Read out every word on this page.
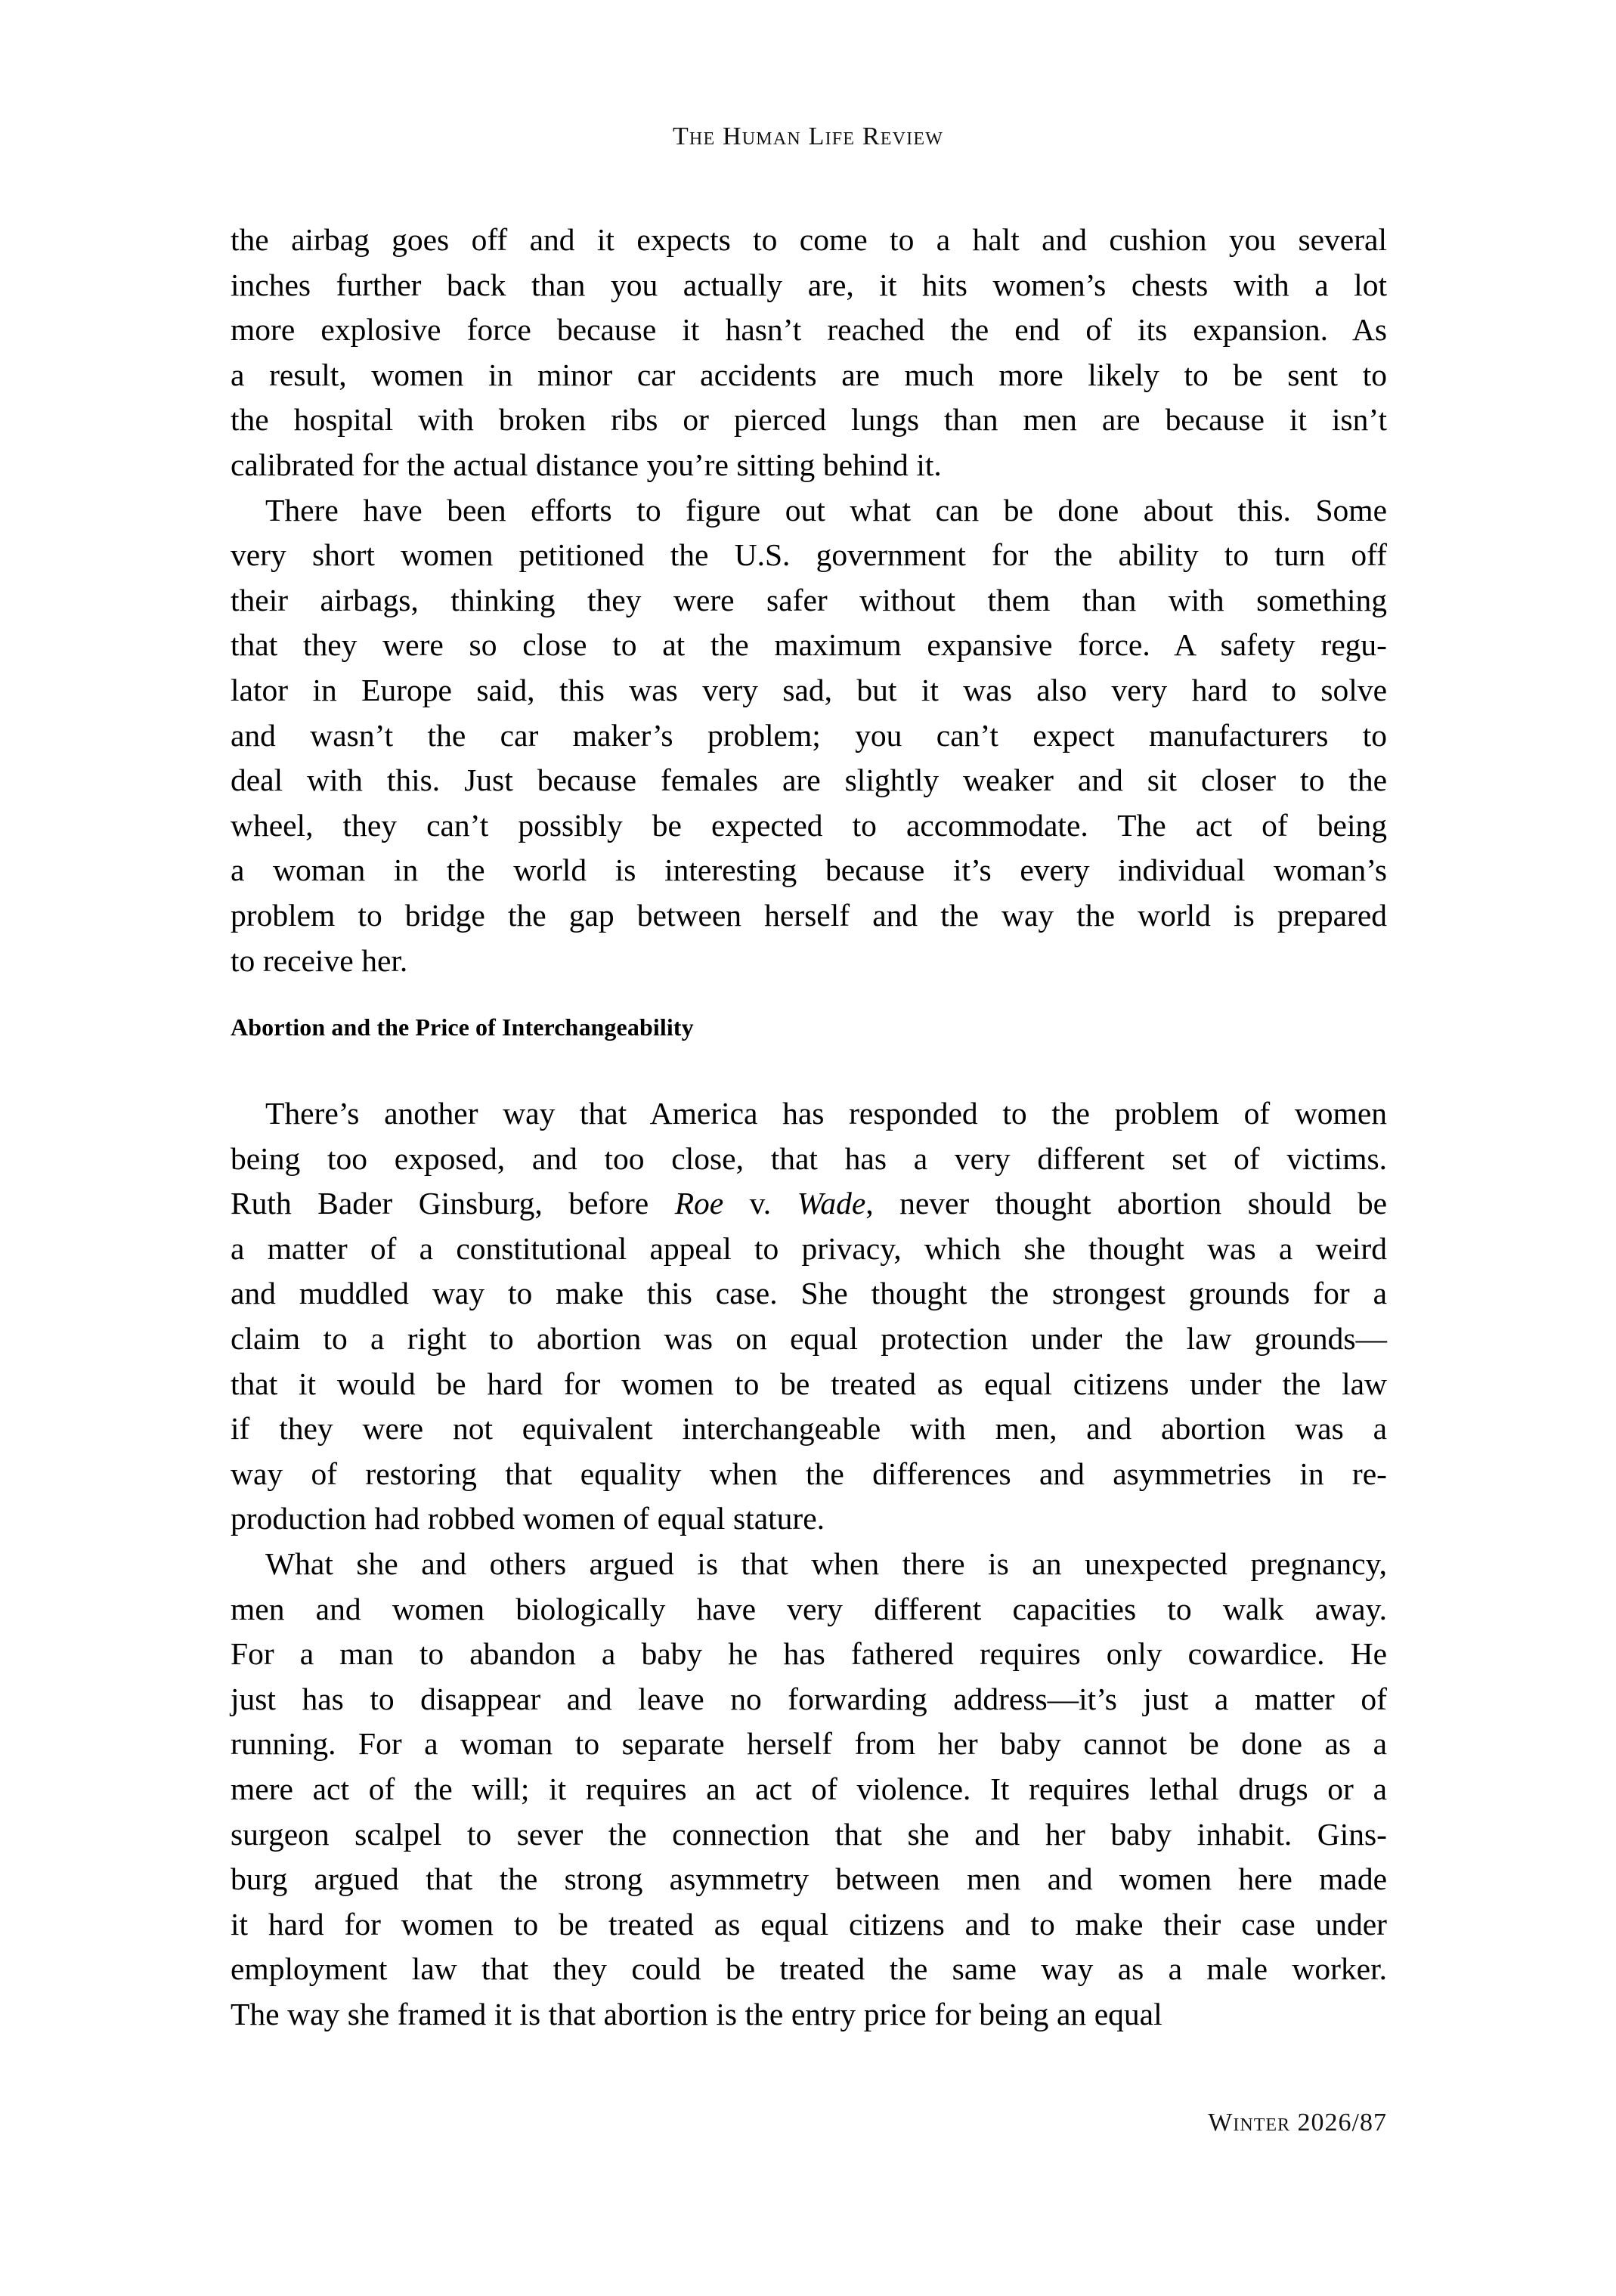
The Human Life Review

the airbag goes off and it expects to come to a halt and cushion you several
inches further back than you actually are, it hits women’s chests with a lot
more explosive force because it hasn’t reached the end of its expansion. As
a result, women in minor car accidents are much more likely to be sent to
the hospital with broken ribs or pierced lungs than men are because it isn’t
calibrated for the actual distance you’re sitting behind it.

There have been efforts to figure out what can be done about this. Some
very short women petitioned the U.S. government for the ability to turn off
their airbags, thinking they were safer without them than with something
that they were so close to at the maximum expansive force. A safety regu-
lator in Europe said, this was very sad, but it was also very hard to solve
and wasn’t the car maker’s problem; you can’t expect manufacturers to
deal with this. Just because females are slightly weaker and sit closer to the
wheel, they can’t possibly be expected to accommodate. The act of being
a woman in the world is interesting because it’s every individual woman’s
problem to bridge the gap between herself and the way the world is prepared
to receive her.

Abortion and the Price of Interchangeability

There’s another way that America has responded to the problem of women
being too exposed, and too close, that has a very different set of victims.
Ruth Bader Ginsburg, before Roe v. Wade, never thought abortion should be
a matter of a constitutional appeal to privacy, which she thought was a weird
and muddled way to make this case. She thought the strongest grounds for a
claim to a right to abortion was on equal protection under the law grounds—
that it would be hard for women to be treated as equal citizens under the law
if they were not equivalent interchangeable with men, and abortion was a
way of restoring that equality when the differences and asymmetries in re-
production had robbed women of equal stature.

What she and others argued is that when there is an unexpected pregnancy,
men and women biologically have very different capacities to walk away.
For a man to abandon a baby he has fathered requires only cowardice. He
just has to disappear and leave no forwarding address—it’s just a matter of
running. For a woman to separate herself from her baby cannot be done as a
mere act of the will; it requires an act of violence. It requires lethal drugs or a
surgeon scalpel to sever the connection that she and her baby inhabit. Gins-
burg argued that the strong asymmetry between men and women here made
it hard for women to be treated as equal citizens and to make their case under
employment law that they could be treated the same way as a male worker.
The way she framed it is that abortion is the entry price for being an equal

Winter 2026/87
